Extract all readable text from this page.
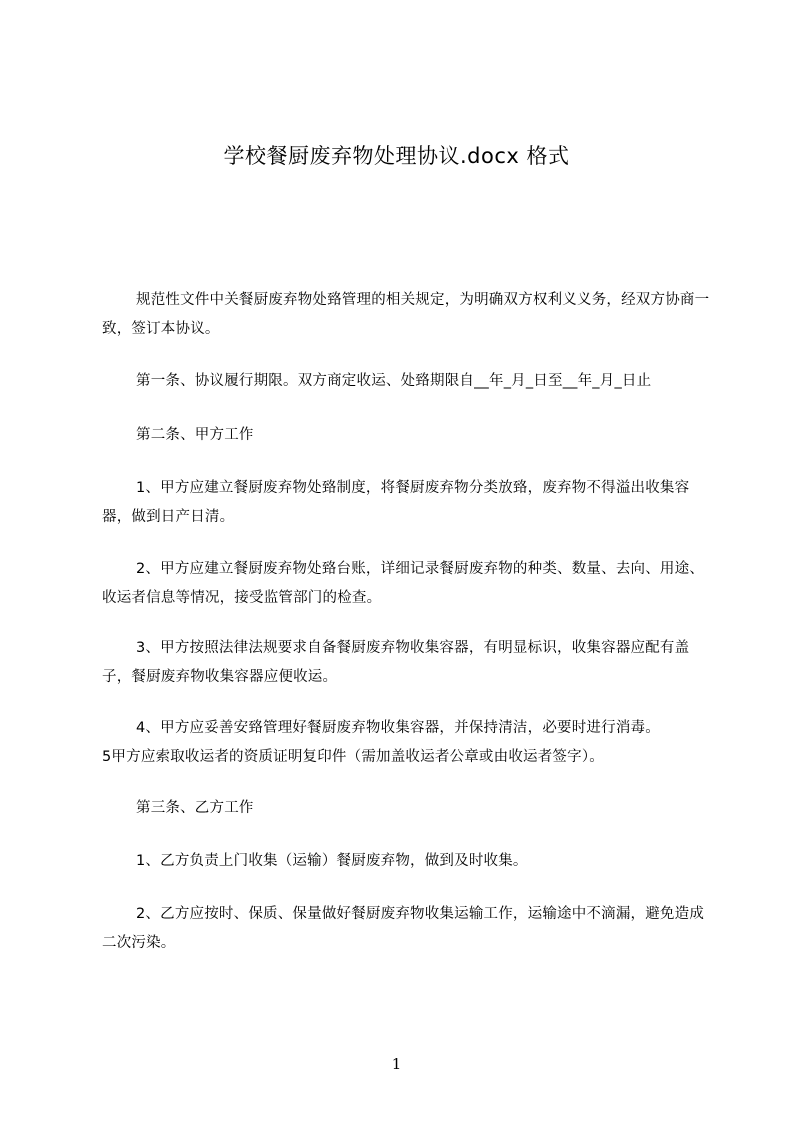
学校餐厨废弃物处理协议.docx 格式
规范性文件中关餐厨废弃物处臵管理的相关规定，为明确双方权利义义务，经双方协商一致，签订本协议。
第一条、协议履行期限。双方商定收运、处臵期限自__年_月_日至__年_月_日止
第二条、甲方工作
1、甲方应建立餐厨废弃物处臵制度，将餐厨废弃物分类放臵，废弃物不得溢出收集容器，做到日产日清。
2、甲方应建立餐厨废弃物处臵台账，详细记录餐厨废弃物的种类、数量、去向、用途、收运者信息等情况，接受监管部门的检查。
3、甲方按照法律法规要求自备餐厨废弃物收集容器，有明显标识，收集容器应配有盖子，餐厨废弃物收集容器应便收运。
4、甲方应妥善安臵管理好餐厨废弃物收集容器，并保持清洁，必要时进行消毒。
5甲方应索取收运者的资质证明复印件（需加盖收运者公章或由收运者签字）。
第三条、乙方工作
1、乙方负责上门收集（运输）餐厨废弃物，做到及时收集。
2、乙方应按时、保质、保量做好餐厨废弃物收集运输工作，运输途中不滴漏，避免造成二次污染。
1
